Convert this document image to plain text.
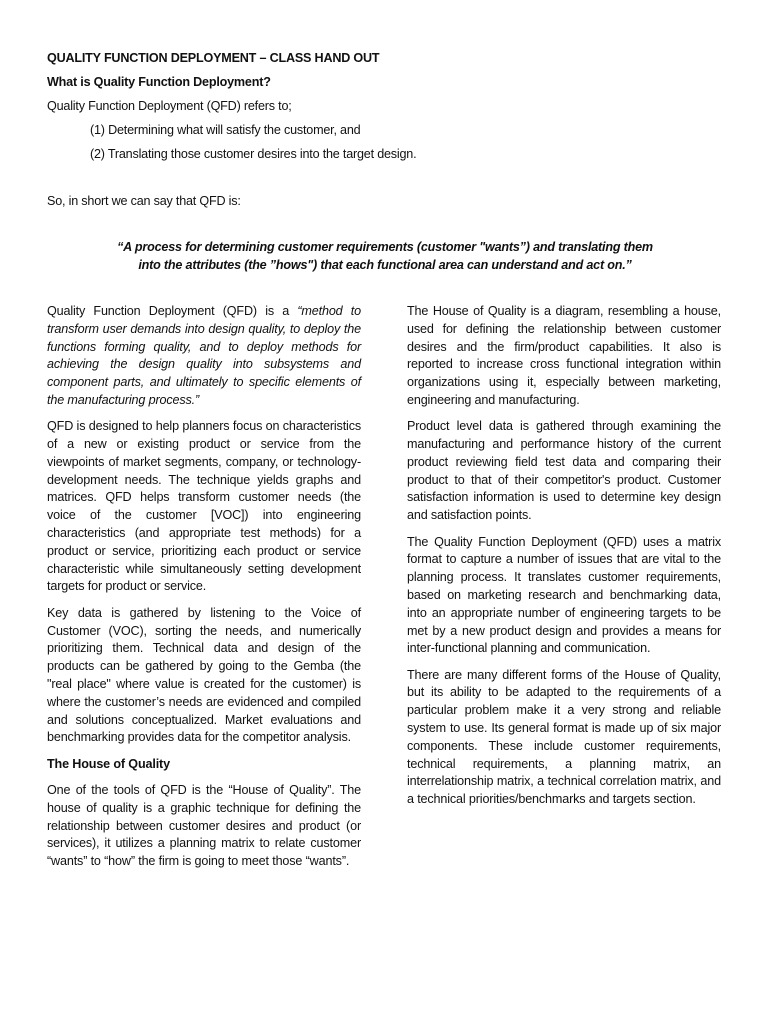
QUALITY FUNCTION DEPLOYMENT – CLASS HAND OUT
What is Quality Function Deployment?
Quality Function Deployment (QFD) refers to;
(1) Determining what will satisfy the customer, and
(2) Translating those customer desires into the target design.
So, in short we can say that QFD is:
“A process for determining customer requirements (customer "wants”) and translating them
into the attributes (the ”hows") that each functional area can understand and act on.”

Quality Function Deployment (QFD) is a “method to transform user demands into design quality, to deploy the functions forming quality, and to deploy methods for achieving the design quality into subsystems and component parts, and ultimately to specific elements of the manufacturing process.”

QFD is designed to help planners focus on characteristics of a new or existing product or service from the viewpoints of market segments, company, or technology-development needs. The technique yields graphs and matrices. QFD helps transform customer needs (the voice of the customer [VOC]) into engineering characteristics (and appropriate test methods) for a product or service, prioritizing each product or service characteristic while simultaneously setting development targets for product or service.

Key data is gathered by listening to the Voice of Customer (VOC), sorting the needs, and numerically prioritizing them. Technical data and design of the products can be gathered by going to the Gemba (the "real place" where value is created for the customer) is where the customer’s needs are evidenced and compiled and solutions conceptualized. Market evaluations and benchmarking provides data for the competitor analysis.

The House of Quality

One of the tools of QFD is the “House of Quality”. The house of quality is a graphic technique for defining the relationship between customer desires and product (or services), it utilizes a planning matrix to relate customer “wants” to “how” the firm is going to meet those “wants”.

The House of Quality is a diagram, resembling a house, used for defining the relationship between customer desires and the firm/product capabilities. It also is reported to increase cross functional integration within organizations using it, especially between marketing, engineering and manufacturing.

Product level data is gathered through examining the manufacturing and performance history of the current product reviewing field test data and comparing their product to that of their competitor's product. Customer satisfaction information is used to determine key design and satisfaction points.

The Quality Function Deployment (QFD) uses a matrix format to capture a number of issues that are vital to the planning process. It translates customer requirements, based on marketing research and benchmarking data, into an appropriate number of engineering targets to be met by a new product design and provides a means for inter-functional planning and communication.

There are many different forms of the House of Quality, but its ability to be adapted to the requirements of a particular problem make it a very strong and reliable system to use. Its general format is made up of six major components. These include customer requirements, technical requirements, a planning matrix, an interrelationship matrix, a technical correlation matrix, and a technical priorities/benchmarks and targets section.
